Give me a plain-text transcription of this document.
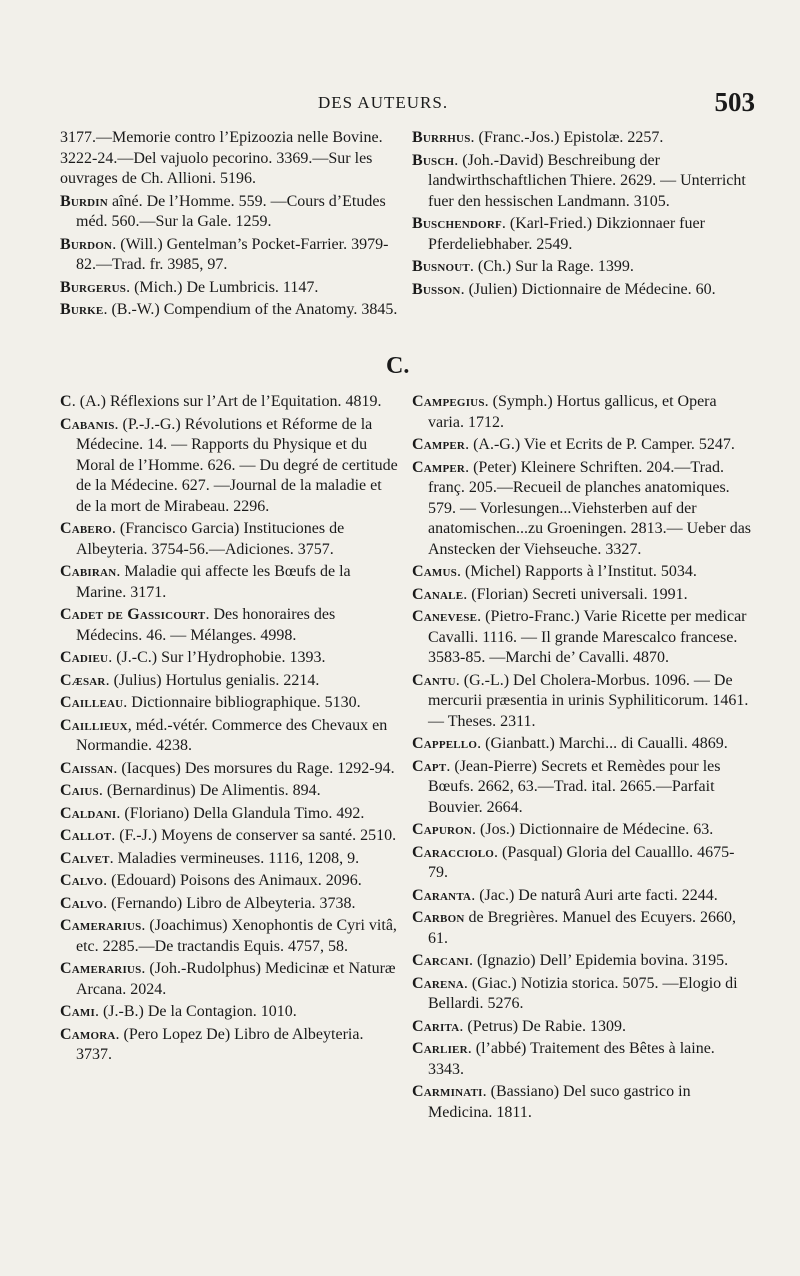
DES AUTEURS.	503
3177.—Memorie contro l’Epizoozia nelle Bovine. 3222-24.—Del vajuolo pecorino. 3369.—Sur les ouvrages de Ch. Allioni. 5196.
Burdin aîné. De l’Homme. 559. —Cours d’Etudes méd. 560.—Sur la Gale. 1259.
Burdon. (Will.) Gentelman’s Pocket-Farrier. 3979-82.—Trad. fr. 3985, 97.
Burgerus. (Mich.) De Lumbricis. 1147.
Burke. (B.-W.) Compendium of the Anatomy. 3845.
Burrhus. (Franc.-Jos.) Epistolæ. 2257.
Busch. (Joh.-David) Beschreibung der landwirthschaftlichen Thiere. 2629. — Unterricht fuer den hessischen Landmann. 3105.
Buschendorf. (Karl-Fried.) Dikzionnaer fuer Pferdeliebhaber. 2549.
Busnout. (Ch.) Sur la Rage. 1399.
Busson. (Julien) Dictionnaire de Médecine. 60.
C.
C. (A.) Réflexions sur l’Art de l’Equitation. 4819.
Cabanis. (P.-J.-G.) Révolutions et Réforme de la Médecine. 14. — Rapports du Physique et du Moral de l’Homme. 626. — Du degré de certitude de la Médecine. 627. —Journal de la maladie et de la mort de Mirabeau. 2296.
Cabero. (Francisco Garcia) Instituciones de Albeyteria. 3754-56.—Adiciones. 3757.
Cabiran. Maladie qui affecte les Bœufs de la Marine. 3171.
Cadet de Gassicourt. Des honoraires des Médecins. 46. — Mélanges. 4998.
Cadieu. (J.-C.) Sur l’Hydrophobie. 1393.
Cæsar. (Julius) Hortulus genialis. 2214.
Cailleau. Dictionnaire bibliographique. 5130.
Caillieux, méd.-vétér. Commerce des Chevaux en Normandie. 4238.
Caissan. (Iacques) Des morsures du Rage. 1292-94.
Caius. (Bernardinus) De Alimentis. 894.
Caldani. (Floriano) Della Glandula Timo. 492.
Callot. (F.-J.) Moyens de conserver sa santé. 2510.
Calvet. Maladies vermineuses. 1116, 1208, 9.
Calvo. (Edouard) Poisons des Animaux. 2096.
Calvo. (Fernando) Libro de Albeyteria. 3738.
Camerarius. (Joachimus) Xenophontis de Cyri vitâ, etc. 2285.—De tractandis Equis. 4757, 58.
Camerarius. (Joh.-Rudolphus) Medicinæ et Naturæ Arcana. 2024.
Cami. (J.-B.) De la Contagion. 1010.
Camora. (Pero Lopez De) Libro de Albeyteria. 3737.
Campegius. (Symph.) Hortus gallicus, et Opera varia. 1712.
Camper. (A.-G.) Vie et Ecrits de P. Camper. 5247.
Camper. (Peter) Kleinere Schriften. 204.—Trad. franç. 205.—Recueil de planches anatomiques. 579. — Vorlesungen...Viehsterben auf der anatomischen...zu Groeningen. 2813.— Ueber das Anstecken der Viehseuche. 3327.
Camus. (Michel) Rapports à l’Institut. 5034.
Canale. (Florian) Secreti universali. 1991.
Canevese. (Pietro-Franc.) Varie Ricette per medicar Cavalli. 1116. — Il grande Marescalco francese. 3583-85. —Marchi de’ Cavalli. 4870.
Cantu. (G.-L.) Del Cholera-Morbus. 1096. — De mercurii præsentia in urinis Syphiliticorum. 1461. — Theses. 2311.
Cappello. (Gianbatt.) Marchi... di Caualli. 4869.
Capt. (Jean-Pierre) Secrets et Remèdes pour les Bœufs. 2662, 63.—Trad. ital. 2665.—Parfait Bouvier. 2664.
Capuron. (Jos.) Dictionnaire de Médecine. 63.
Caracciolo. (Pasqual) Gloria del Caualllo. 4675-79.
Caranta. (Jac.) De naturâ Auri arte facti. 2244.
Carbon de Bregrières. Manuel des Ecuyers. 2660, 61.
Carcani. (Ignazio) Dell’ Epidemia bovina. 3195.
Carena. (Giac.) Notizia storica. 5075. —Elogio di Bellardi. 5276.
Carita. (Petrus) De Rabie. 1309.
Carlier. (l’abbé) Traitement des Bêtes à laine. 3343.
Carminati. (Bassiano) Del suco gastrico in Medicina. 1811.
